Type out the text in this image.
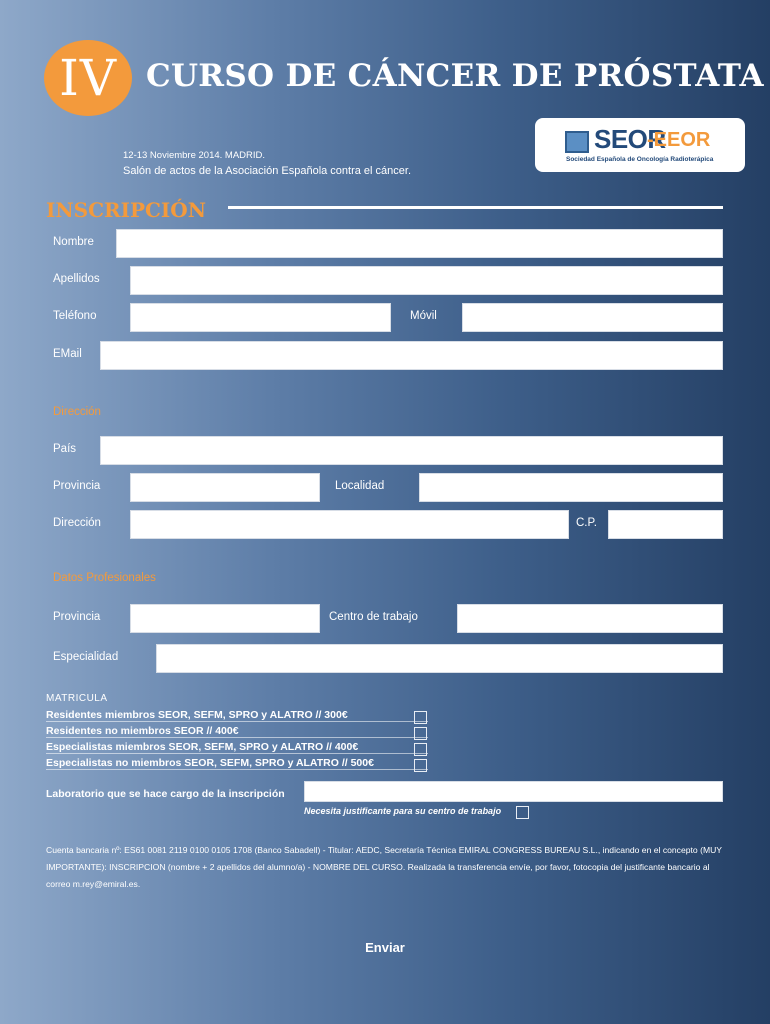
IV CURSO DE CÁNCER DE PRÓSTATA
SEOR
-EEOR
Sociedad Española de Oncología Radioterápica
12-13 Noviembre 2014. MADRID.
Salón de actos de la Asociación Española contra el cáncer.
INSCRIPCIÓN
Nombre
Apellidos
Teléfono	Móvil
EMail
Dirección
País
Provincia	Localidad
Dirección	C.P.
Datos Profesionales
Provincia	Centro de trabajo
Especialidad
MATRICULA
Residentes miembros SEOR, SEFM, SPRO y ALATRO // 300€
Residentes no miembros SEOR // 400€
Especialistas miembros SEOR, SEFM, SPRO y ALATRO // 400€
Especialistas no miembros SEOR, SEFM, SPRO y ALATRO // 500€
Laboratorio que se hace cargo de la inscripción
Necesita justificante para su centro de trabajo
Cuenta bancaria nº: ES61 0081 2119 0100 0105 1708 (Banco Sabadell) - Titular: AEDC, Secretaría Técnica EMIRAL CONGRESS BUREAU S.L., indicando en el concepto (MUY IMPORTANTE): INSCRIPCION (nombre + 2 apellidos del alumno/a) - NOMBRE DEL CURSO. Realizada la transferencia envíe, por favor, fotocopia del justificante bancario al correo m.rey@emiral.es.
Enviar
